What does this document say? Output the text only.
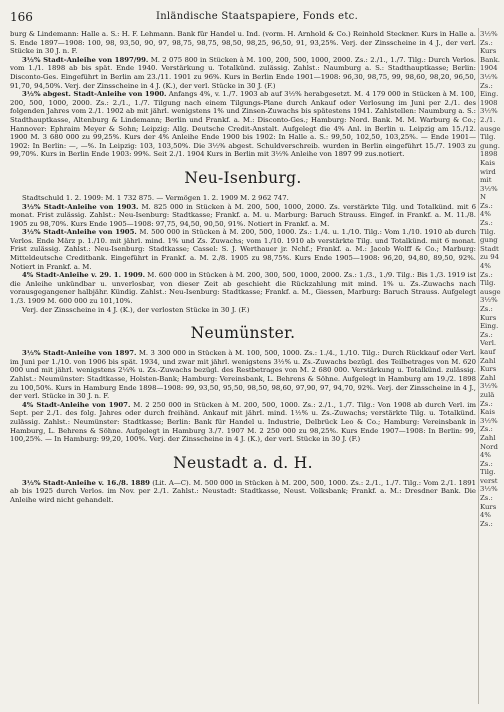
166	Inländische Staatspapiere, Fonds etc.

burg & Lindemann: Halle a. S.: H. F. Lehmann. Bank für Handel u. Ind. (vorm. H. Arnhold & Co.) Reinhold Steckner. Kurs in Halle a. S. Ende 1897—1908: 100, 98, 93,50, 90, 97, 98,75, 98,75, 98,50, 98,25, 96,50, 91, 93,25%. Verj. der Zinsscheine in 4 J., der verl. Stücke in 30 J. n. F.

3½% Stadt-Anleihe von 1897/99. M. 2 075 800 in Stücken à M. 100, 200, 500, 1000, 2000. Zs.: 2./1., 1./7. Tilg.: Durch Verlos. vom 1./1. 1898 ab bis spät. Ende 1940. Verstärkung u. Totalkünd. zulässig. Zahlst.: Naumburg a. S.: Stadthauptkasse; Berlin: Disconto-Ges. Eingeführt in Berlin am 23./11. 1901 zu 96%. Kurs in Berlin Ende 1901—1908: 96,30, 98,75, 99, 98,60, 98,20, 96,50, 91,70, 94,50%. Verj. der Zinsscheine in 4 J. (K.), der verl. Stücke in 30 J. (F.)

3½% abgest. Stadt-Anleihe von 1900. Anfangs 4%, v. 1./7. 1903 ab auf 3½% herabgesetzt. M. 4 179 000 in Stücken à M. 100, 200, 500, 1000, 2000. Zs.: 2./1., 1./7. Tilgung nach einem Tilgungs-Plane durch Ankauf oder Verlosung im Juni per 2./1. des folgenden Jahres vom 2./1. 1902 ab mit jährl. wenigstens 1% und Zinsen-Zuwachs bis spätestens 1941. Zahlstellen: Naumburg a. S.: Stadthauptkasse, Altenburg & Lindemann; Berlin und Frankf. a. M.: Disconto-Ges.; Hamburg: Nord. Bank. M. M. Warburg & Co.; Hannover: Ephraim Meyer & Sohn; Leipzig: Allg. Deutsche Credit-Anstalt. Aufgelegt die 4% Anl. in Berlin u. Leipzig am 15./12. 1900 M. 3 680 000 zu 99,25%. Kurs der 4% Anleihe Ende 1900 bis 1902: In Halle a. S.: 99,50, 102,50, 103,25%. — Ende 1901—1902: In Berlin: —, —%. In Leipzig: 103, 103,50%. Die 3½% abgest. Schuldverschreib. wurden in Berlin eingeführt 15./7. 1903 zu 99,70%. Kurs in Berlin Ende 1903: 99%. Seit 2./1. 1904 Kurs in Berlin mit 3½% Anleihe von 1897 99 zus.notiert.

Neu-Isenburg.

Stadtschuld 1. 2. 1909: M. 1 732 875. — Vermögen 1. 2. 1909 M. 2 962 747.

3½% Stadt-Anleihe von 1903. M. 825 000 in Stücken à M. 200, 500, 1000, 2000. Zs. verstärkte Tilg. und Totalkünd. mit 6 monat. Frist zulässig. Zahlst.: Neu-Isenburg: Stadtkasse; Frankf. a. M. u. Marburg: Baruch Strauss. Eingef. in Frankf. a. M. 11./8. 1905 zu 98,70%. Kurs Ende 1905—1908: 97,75, 94,50, 90,50, 91%. Notiert in Frankf. a. M.

3½% Stadt-Anleihe von 1905. M. 500 000 in Stücken à M. 200, 500, 1000. Zs.: 1./4. u. 1./10. Tilg.: Vom 1./10. 1910 ab durch Verlos. Ende März p. 1./10. mit jährl. mind. 1% und Zs. Zuwachs; vom 1./10. 1910 ab verstärkte Tilg. und Totalkünd. mit 6 monat. Frist zulässig. Zahlst.: Neu-Isenburg: Stadtkasse; Cassel: S. J. Werthauer jr. Nchf.; Frankf. a. M.: Jacob Wolff & Co.; Marburg: Mitteldeutsche Creditbank. Eingeführt in Frankf. a. M. 2./8. 1905 zu 98,75%. Kurs Ende 1905—1908: 96,20, 94,80, 89,50, 92%. Notiert in Frankf. a. M.

4% Stadt-Anleihe v. 29. 1. 1909. M. 600 000 in Stücken à M. 200, 300, 500, 1000, 2000. Zs.: 1./3., 1./9. Tilg.: Bis 1./3. 1919 ist die Anleihe unkündbar u. unverlosbar, von dieser Zeit ab geschieht die Rückzahlung mit mind. 1% u. Zs.-Zuwachs nach vorausgegangener halbjähr. Kündig. Zahlst.: Neu-Isenburg: Stadtkasse; Frankf. a. M., Giessen, Marburg: Baruch Strauss. Aufgelegt 1./3. 1909 M. 600 000 zu 101,10%.

Verj. der Zinsscheine in 4 J. (K.), der verlosten Stücke in 30 J. (F.)

Neumünster.

3½% Stadt-Anleihe von 1897. M. 3 300 000 in Stücken à M. 100, 500, 1000. Zs.: 1./4., 1./10. Tilg.: Durch Rückkauf oder Verl. im Juni per 1./10. von 1906 bis spät. 1934, und zwar mit jährl. wenigstens 3½% u. Zs.-Zuwachs bezügl. des Teilbetrages von M. 620 000 und mit jährl. wenigstens 2¼% u. Zs.-Zuwachs bezügl. des Restbetrages von M. 2 680 000. Verstärkung u. Totalkünd. zulässig. Zahlst.: Neumünster: Stadtkasse, Holsten-Bank; Hamburg: Vereinsbank, L. Behrens & Söhne. Aufgelegt in Hamburg am 19./2. 1898 zu 100,50%. Kurs in Hamburg Ende 1898—1908: 99, 93,50, 95,50, 98,50, 98,60, 97,90, 97, 94,70, 92%. Verj. der Zinsscheine in 4 J., der verl. Stücke in 30 J. n. F.

4% Stadt-Anleihe von 1907. M. 2 250 000 in Stücken à M. 200, 500, 1000. Zs.: 2./1., 1./7. Tilg.: Von 1908 ab durch Verl. im Sept. per 2./1. des folg. Jahres oder durch freihänd. Ankauf mit jährl. mind. 1½% u. Zs.-Zuwachs; verstärkte Tilg. u. Totalkünd. zulässig. Zahlst.: Neumünster: Stadtkasse; Berlin: Bank für Handel u. Industrie, Delbrück Leo & Co.; Hamburg: Vereinsbank in Hamburg, L. Behrens & Söhne. Aufgelegt in Hamburg 3./7. 1907 M. 2 250 000 zu 98,25%. Kurs Ende 1907—1908: In Berlin: 99, 100,25%. — In Hamburg: 99,20, 100%. Verj. der Zinsscheine in 4 J. (K.), der verl. Stücke in 30 J. (F.)

Neustadt a. d. H.

3½% Stadt-Anleihe v. 16./8. 1889 (Lit. A—C). M. 500 000 in Stücken à M. 200, 500, 1000. Zs.: 2./1., 1./7. Tilg.: Vom 2./1. 1891 ab bis 1925 durch Verlos. im Nov. per 2./1. Zahlst.: Neustadt: Stadtkasse, Neust. Volksbank; Frankf. a. M.: Dresdner Bank. Die Anleihe wird nicht gehandelt.

3½%
Zs.:
Kurs
Bank.
1904
3½%
Zs.:
Eing.
1908
3½%
2./1.
ausge
Tilg.
gung.
1898
Kais
wird
mit
3½%
N
Zs.:
4%
Zs.:
Tilg.
gung
Stadt
zu 94
4%
Zs.:
Tilg.
ausge
3½%
Zs.:
Kurs
Eing.
Zs.:
Verl.
kauf
Zahl
Kurs
Zahl
3½%
zulä
Zs.:
Kais
3½%
Zs.:
Zahl
Nord
4%
Zs.:
Tilg.
verst
3½%
Zs.:
Kurs
4%
Zs.:
